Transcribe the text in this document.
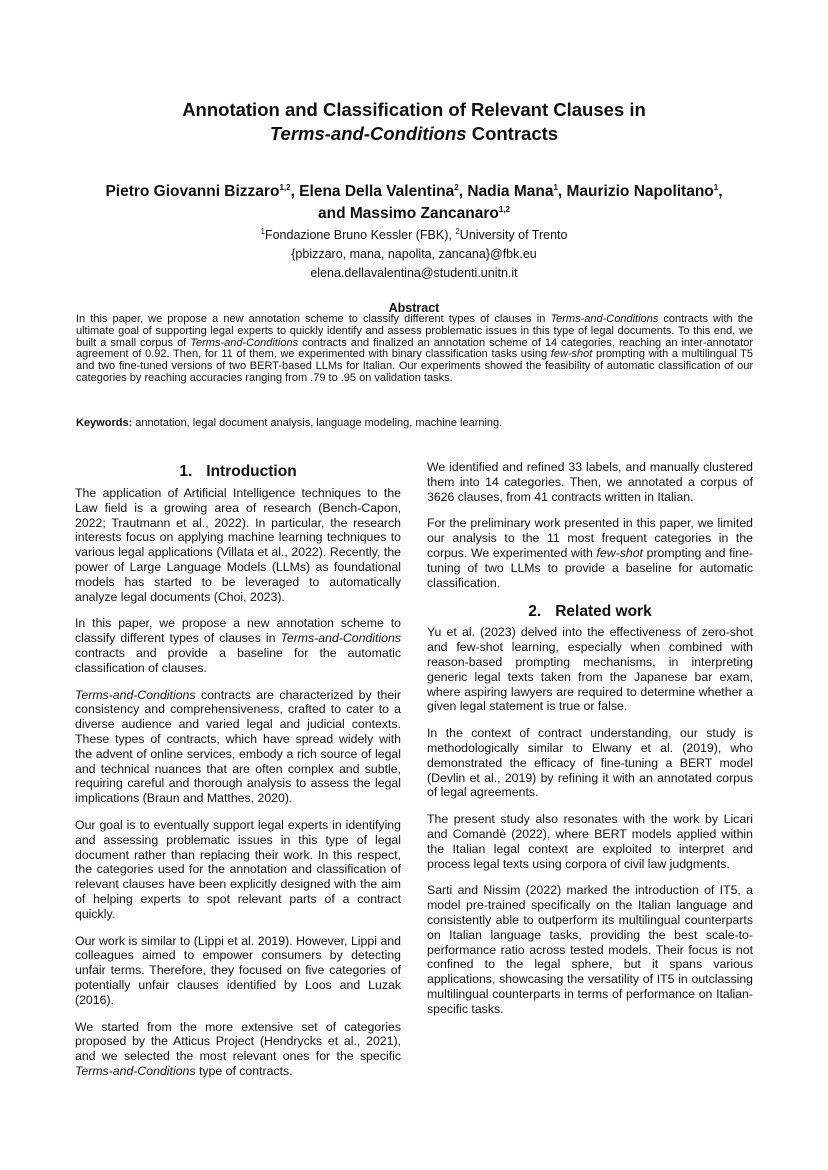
Annotation and Classification of Relevant Clauses in
Terms-and-Conditions Contracts
Pietro Giovanni Bizzaro$^{1,2}$, Elena Della Valentina$^2$, Nadia Mana$^1$, Maurizio Napolitano$^1$,
and Massimo Zancanaro$^{1,2}$
$^1$Fondazione Bruno Kessler (FBK), $^2$University of Trento
{pbizzaro, mana, napolita, zancana}@fbk.eu
elena.dellavalentina@studenti.unitn.it
Abstract
In this paper, we propose a new annotation scheme to classify different types of clauses in Terms-and-Conditions contracts with the ultimate goal of supporting legal experts to quickly identify and assess problematic issues in this type of legal documents. To this end, we built a small corpus of Terms-and-Conditions contracts and finalized an annotation scheme of 14 categories, reaching an inter-annotator agreement of 0.92. Then, for 11 of them, we experimented with binary classification tasks using few-shot prompting with a multilingual T5 and two fine-tuned versions of two BERT-based LLMs for Italian. Our experiments showed the feasibility of automatic classification of our categories by reaching accuracies ranging from .79 to .95 on validation tasks.
Keywords: annotation, legal document analysis, language modeling, machine learning.
1. Introduction

The application of Artificial Intelligence techniques to the Law field is a growing area of research (Bench-Capon, 2022; Trautmann et al., 2022). In particular, the research interests focus on applying machine learning techniques to various legal applications (Villata et al., 2022). Recently, the power of Large Language Models (LLMs) as foundational models has started to be leveraged to automatically analyze legal documents (Choi, 2023).

In this paper, we propose a new annotation scheme to classify different types of clauses in Terms-and-Conditions contracts and provide a baseline for the automatic classification of clauses.

Terms-and-Conditions contracts are characterized by their consistency and comprehensiveness, crafted to cater to a diverse audience and varied legal and judicial contexts. These types of contracts, which have spread widely with the advent of online services, embody a rich source of legal and technical nuances that are often complex and subtle, requiring careful and thorough analysis to assess the legal implications (Braun and Matthes, 2020).

Our goal is to eventually support legal experts in identifying and assessing problematic issues in this type of legal document rather than replacing their work. In this respect, the categories used for the annotation and classification of relevant clauses have been explicitly designed with the aim of helping experts to spot relevant parts of a contract quickly.

Our work is similar to (Lippi et al. 2019). However, Lippi and colleagues aimed to empower consumers by detecting unfair terms. Therefore, they focused on five categories of potentially unfair clauses identified by Loos and Luzak (2016).

We started from the more extensive set of categories proposed by the Atticus Project (Hendrycks et al., 2021), and we selected the most relevant ones for the specific Terms-and-Conditions type of contracts.

We identified and refined 33 labels, and manually clustered them into 14 categories. Then, we annotated a corpus of 3626 clauses, from 41 contracts written in Italian.

For the preliminary work presented in this paper, we limited our analysis to the 11 most frequent categories in the corpus. We experimented with few-shot prompting and fine-tuning of two LLMs to provide a baseline for automatic classification.

2. Related work

Yu et al. (2023) delved into the effectiveness of zero-shot and few-shot learning, especially when combined with reason-based prompting mechanisms, in interpreting generic legal texts taken from the Japanese bar exam, where aspiring lawyers are required to determine whether a given legal statement is true or false.

In the context of contract understanding, our study is methodologically similar to Elwany et al. (2019), who demonstrated the efficacy of fine-tuning a BERT model (Devlin et al., 2019) by refining it with an annotated corpus of legal agreements.

The present study also resonates with the work by Licari and Comandè (2022), where BERT models applied within the Italian legal context are exploited to interpret and process legal texts using corpora of civil law judgments.

Sarti and Nissim (2022) marked the introduction of IT5, a model pre-trained specifically on the Italian language and consistently able to outperform its multilingual counterparts on Italian language tasks, providing the best scale-to-performance ratio across tested models. Their focus is not confined to the legal sphere, but it spans various applications, showcasing the versatility of IT5 in outclassing multilingual counterparts in terms of performance on Italian-specific tasks.
